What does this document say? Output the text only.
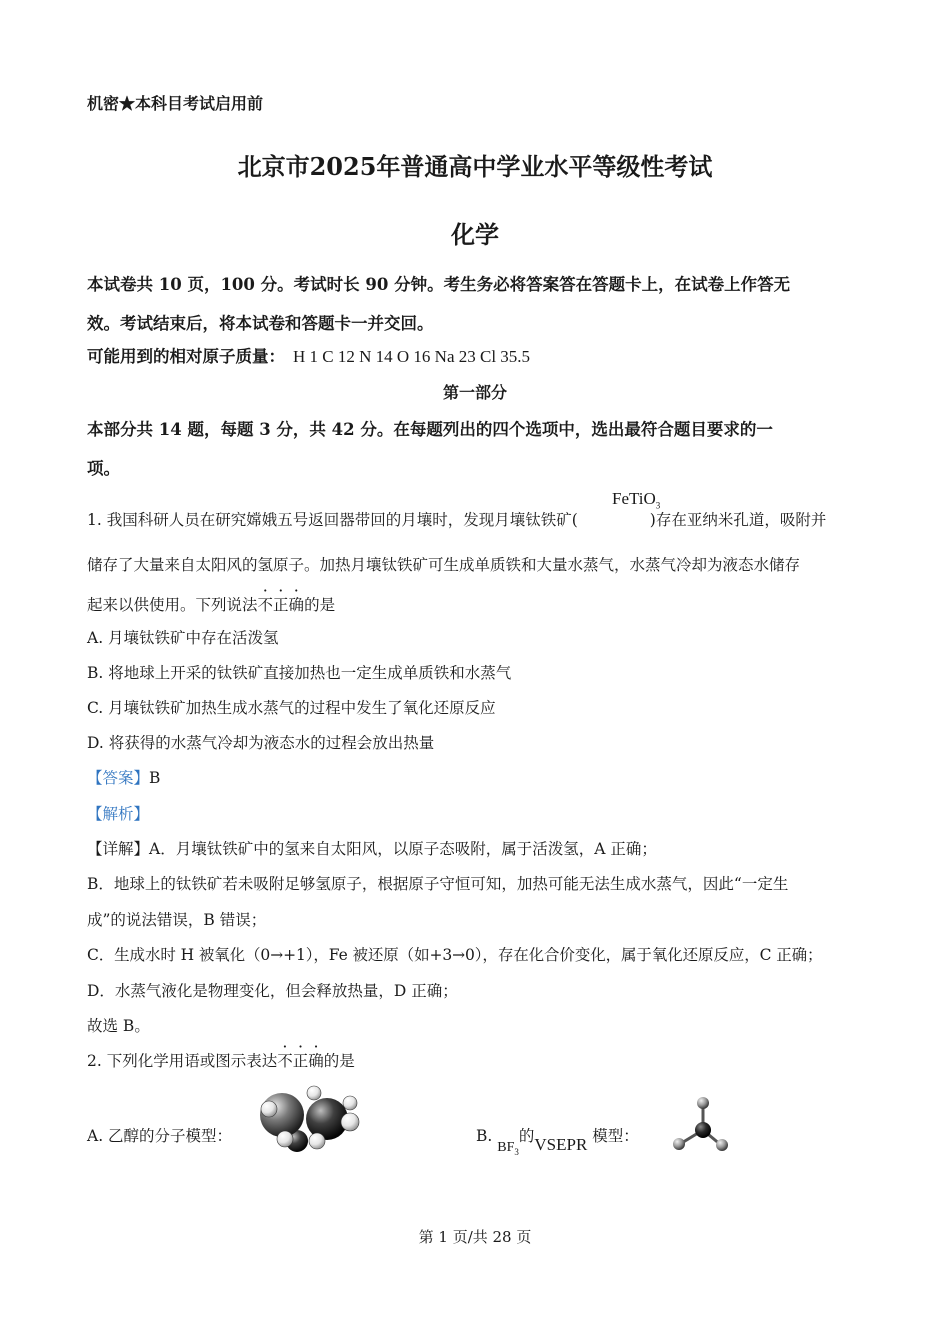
机密★本科目考试启用前
北京市2025年普通高中学业水平等级性考试
化学
本试卷共 10 页，100 分。考试时长 90 分钟。考生务必将答案答在答题卡上，在试卷上作答无
效。考试结束后，将本试卷和答题卡一并交回。
可能用到的相对原子质量： H 1 C 12 N 14 O 16 Na 23 Cl 35.5
第一部分
本部分共 14 题，每题 3 分，共 42 分。在每题列出的四个选项中，选出最符合题目要求的一
项。
FeTiO$_3$
1. 我国科研人员在研究嫦娥五号返回器带回的月壤时，发现月壤钛铁矿(	)存在亚纳米孔道，吸附并
储存了大量来自太阳风的氢原子。加热月壤钛铁矿可生成单质铁和大量水蒸气，水蒸气冷却为液态水储存
起来以供使用。下列说法不正确的是
A. 月壤钛铁矿中存在活泼氢
B. 将地球上开采的钛铁矿直接加热也一定生成单质铁和水蒸气
C. 月壤钛铁矿加热生成水蒸气的过程中发生了氧化还原反应
D. 将获得的水蒸气冷却为液态水的过程会放出热量
【答案】B
【解析】
【详解】A．月壤钛铁矿中的氢来自太阳风，以原子态吸附，属于活泼氢，A 正确；
B．地球上的钛铁矿若未吸附足够氢原子，根据原子守恒可知，加热可能无法生成水蒸气，因此“一定生
成”的说法错误，B 错误；
C．生成水时 H 被氧化（0→+1），Fe 被还原（如+3→0），存在化合价变化，属于氧化还原反应，C 正确；
D．水蒸气液化是物理变化，但会释放热量，D 正确；
故选 B。
2. 下列化学用语或图示表达不正确的是
A. 乙醇的分子模型：	B. $BF_3$的VSEPR 模型：
第 1 页/共 28 页
